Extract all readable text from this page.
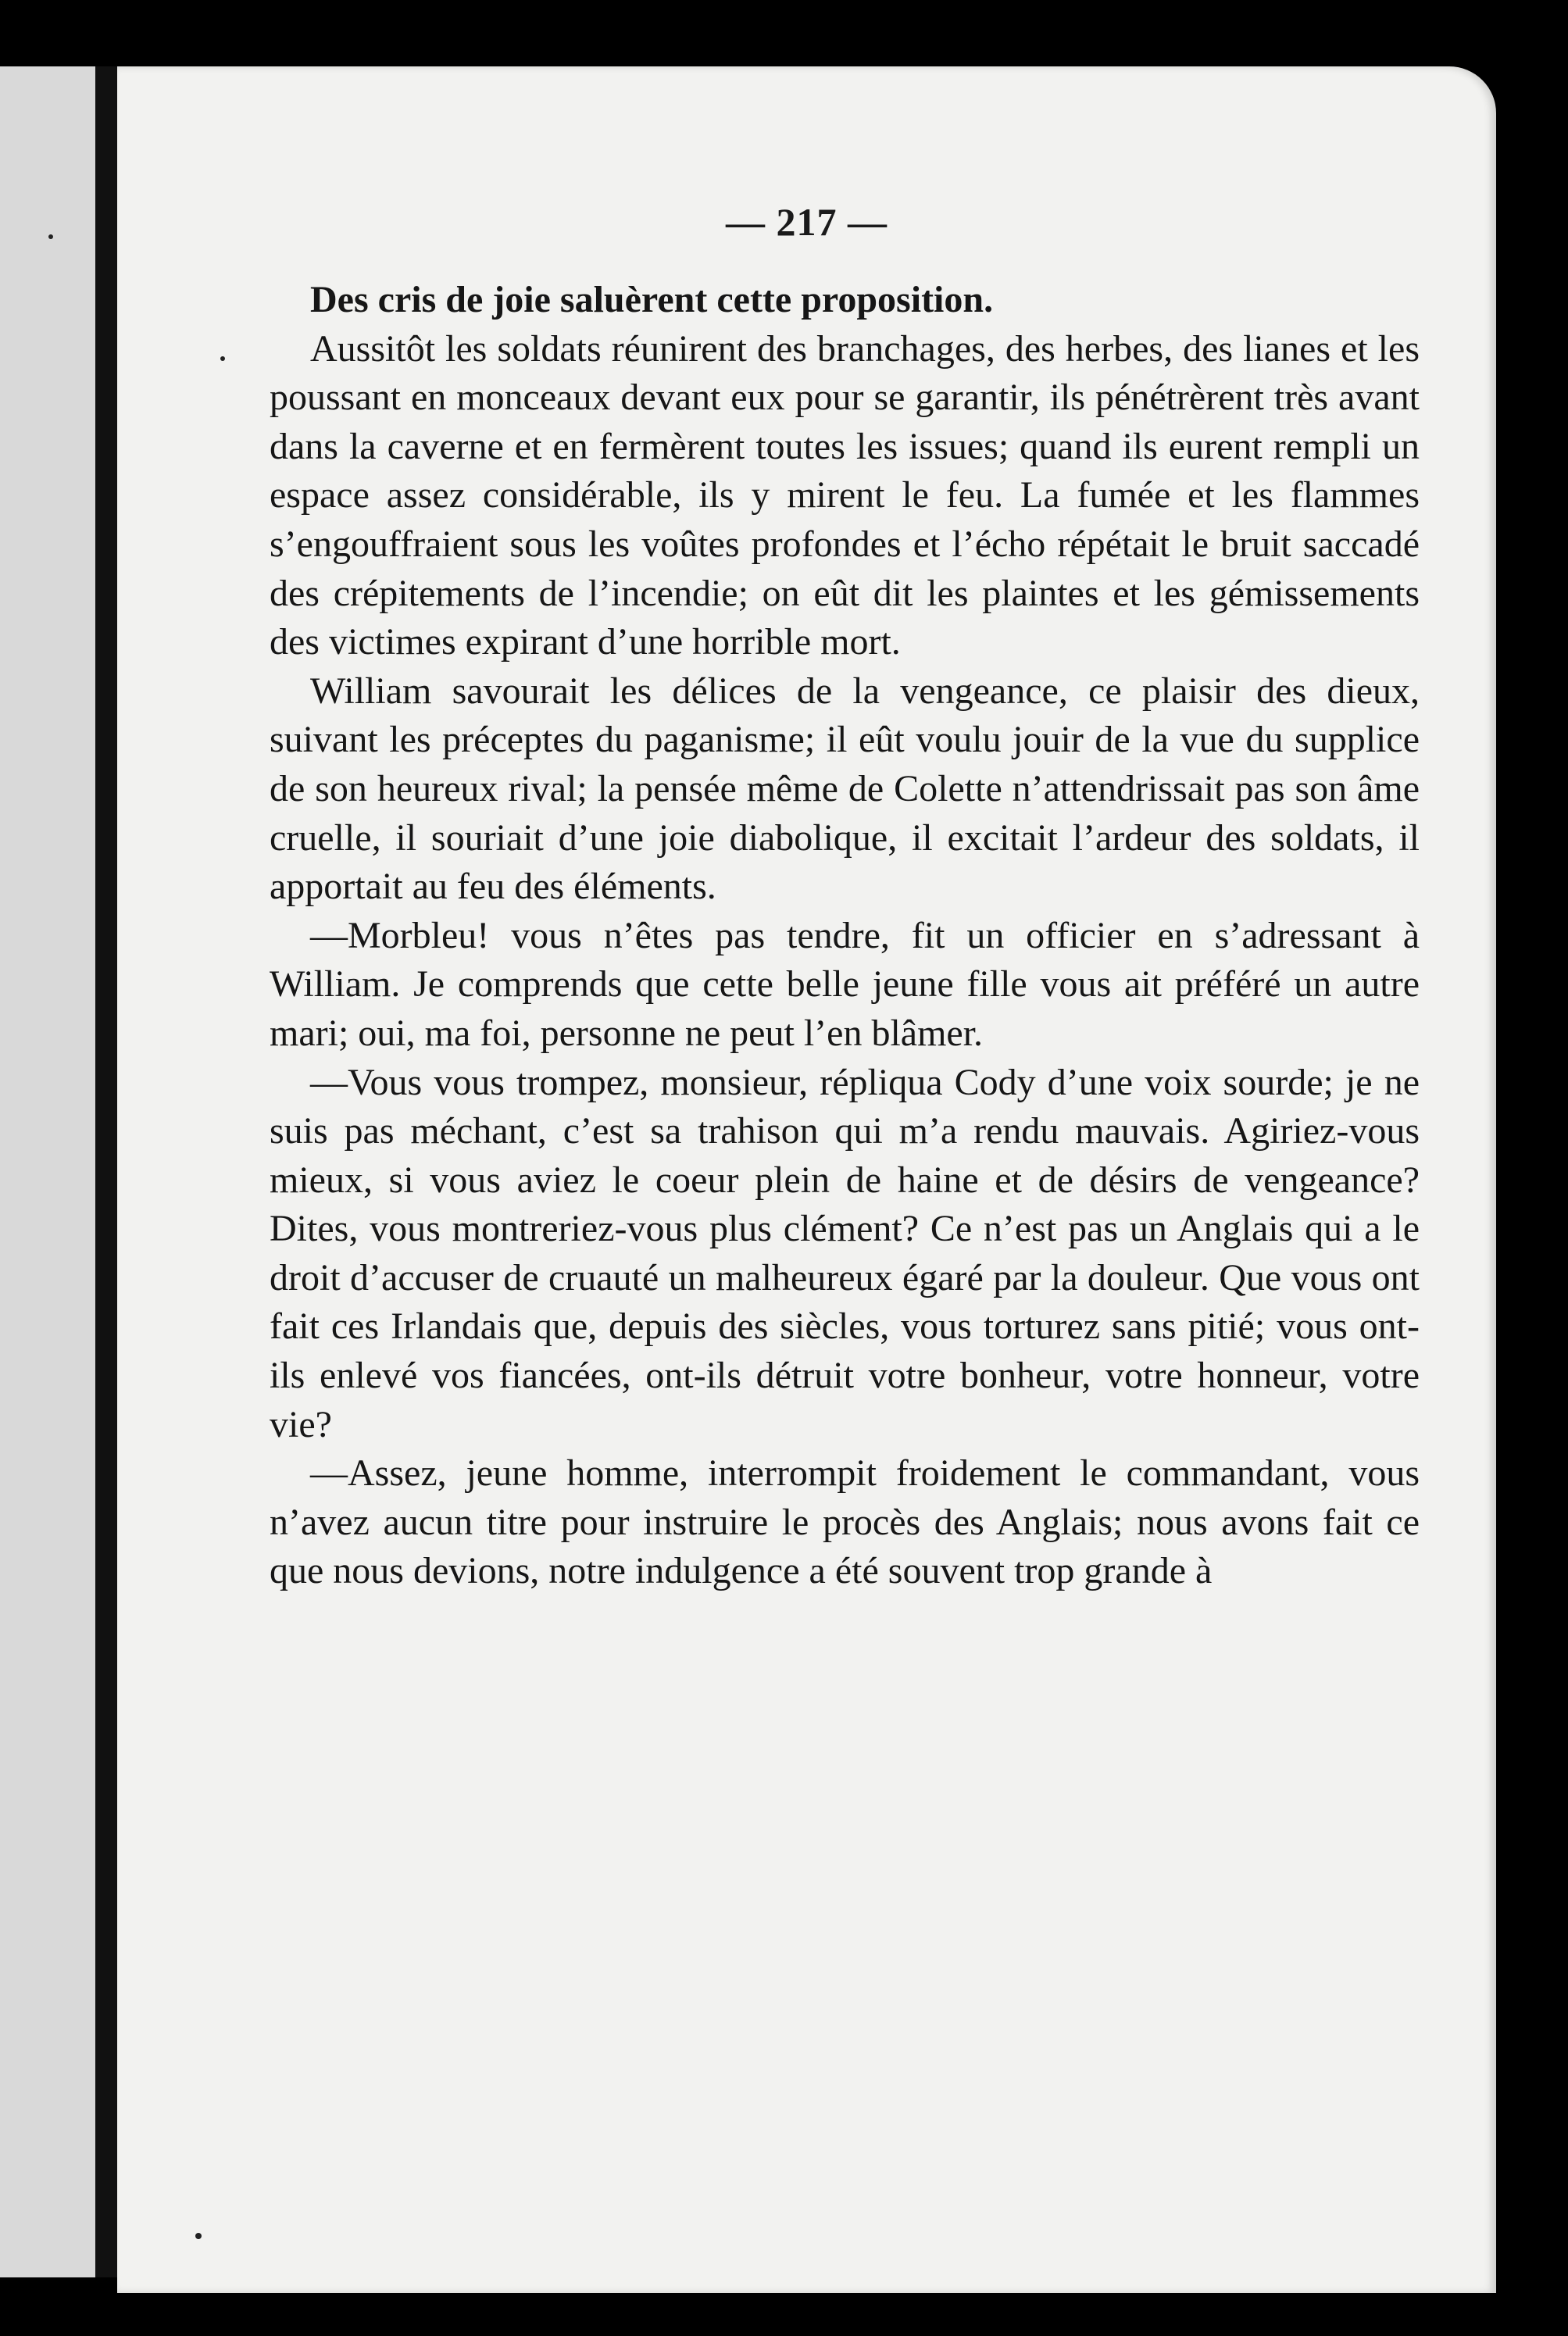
— 217 —

Des cris de joie saluèrent cette proposition.

Aussitôt les soldats réunirent des branchages, des herbes, des lianes et les poussant en monceaux devant eux pour se garantir, ils pénétrèrent très avant dans la caverne et en fermèrent toutes les issues; quand ils eurent rempli un espace assez considérable, ils y mirent le feu. La fumée et les flammes s’engouffraient sous les voûtes profondes et l’écho répétait le bruit saccadé des crépitements de l’incendie; on eût dit les plaintes et les gémissements des victimes expirant d’une horrible mort.

William savourait les délices de la vengeance, ce plaisir des dieux, suivant les préceptes du paganisme; il eût voulu jouir de la vue du supplice de son heureux rival; la pensée même de Colette n’attendrissait pas son âme cruelle, il souriait d’une joie diabolique, il excitait l’ardeur des soldats, il apportait au feu des éléments.

—Morbleu! vous n’êtes pas tendre, fit un officier en s’adressant à William. Je comprends que cette belle jeune fille vous ait préféré un autre mari; oui, ma foi, personne ne peut l’en blâmer.

—Vous vous trompez, monsieur, répliqua Cody d’une voix sourde; je ne suis pas méchant, c’est sa trahison qui m’a rendu mauvais. Agiriez-vous mieux, si vous aviez le coeur plein de haine et de désirs de vengeance? Dites, vous montreriez-vous plus clément? Ce n’est pas un Anglais qui a le droit d’accuser de cruauté un malheureux égaré par la douleur. Que vous ont fait ces Irlandais que, depuis des siècles, vous torturez sans pitié; vous ont-ils enlevé vos fiancées, ont-ils détruit votre bonheur, votre honneur, votre vie?

—Assez, jeune homme, interrompit froidement le commandant, vous n’avez aucun titre pour instruire le procès des Anglais; nous avons fait ce que nous devions, notre indulgence a été souvent trop grande à
